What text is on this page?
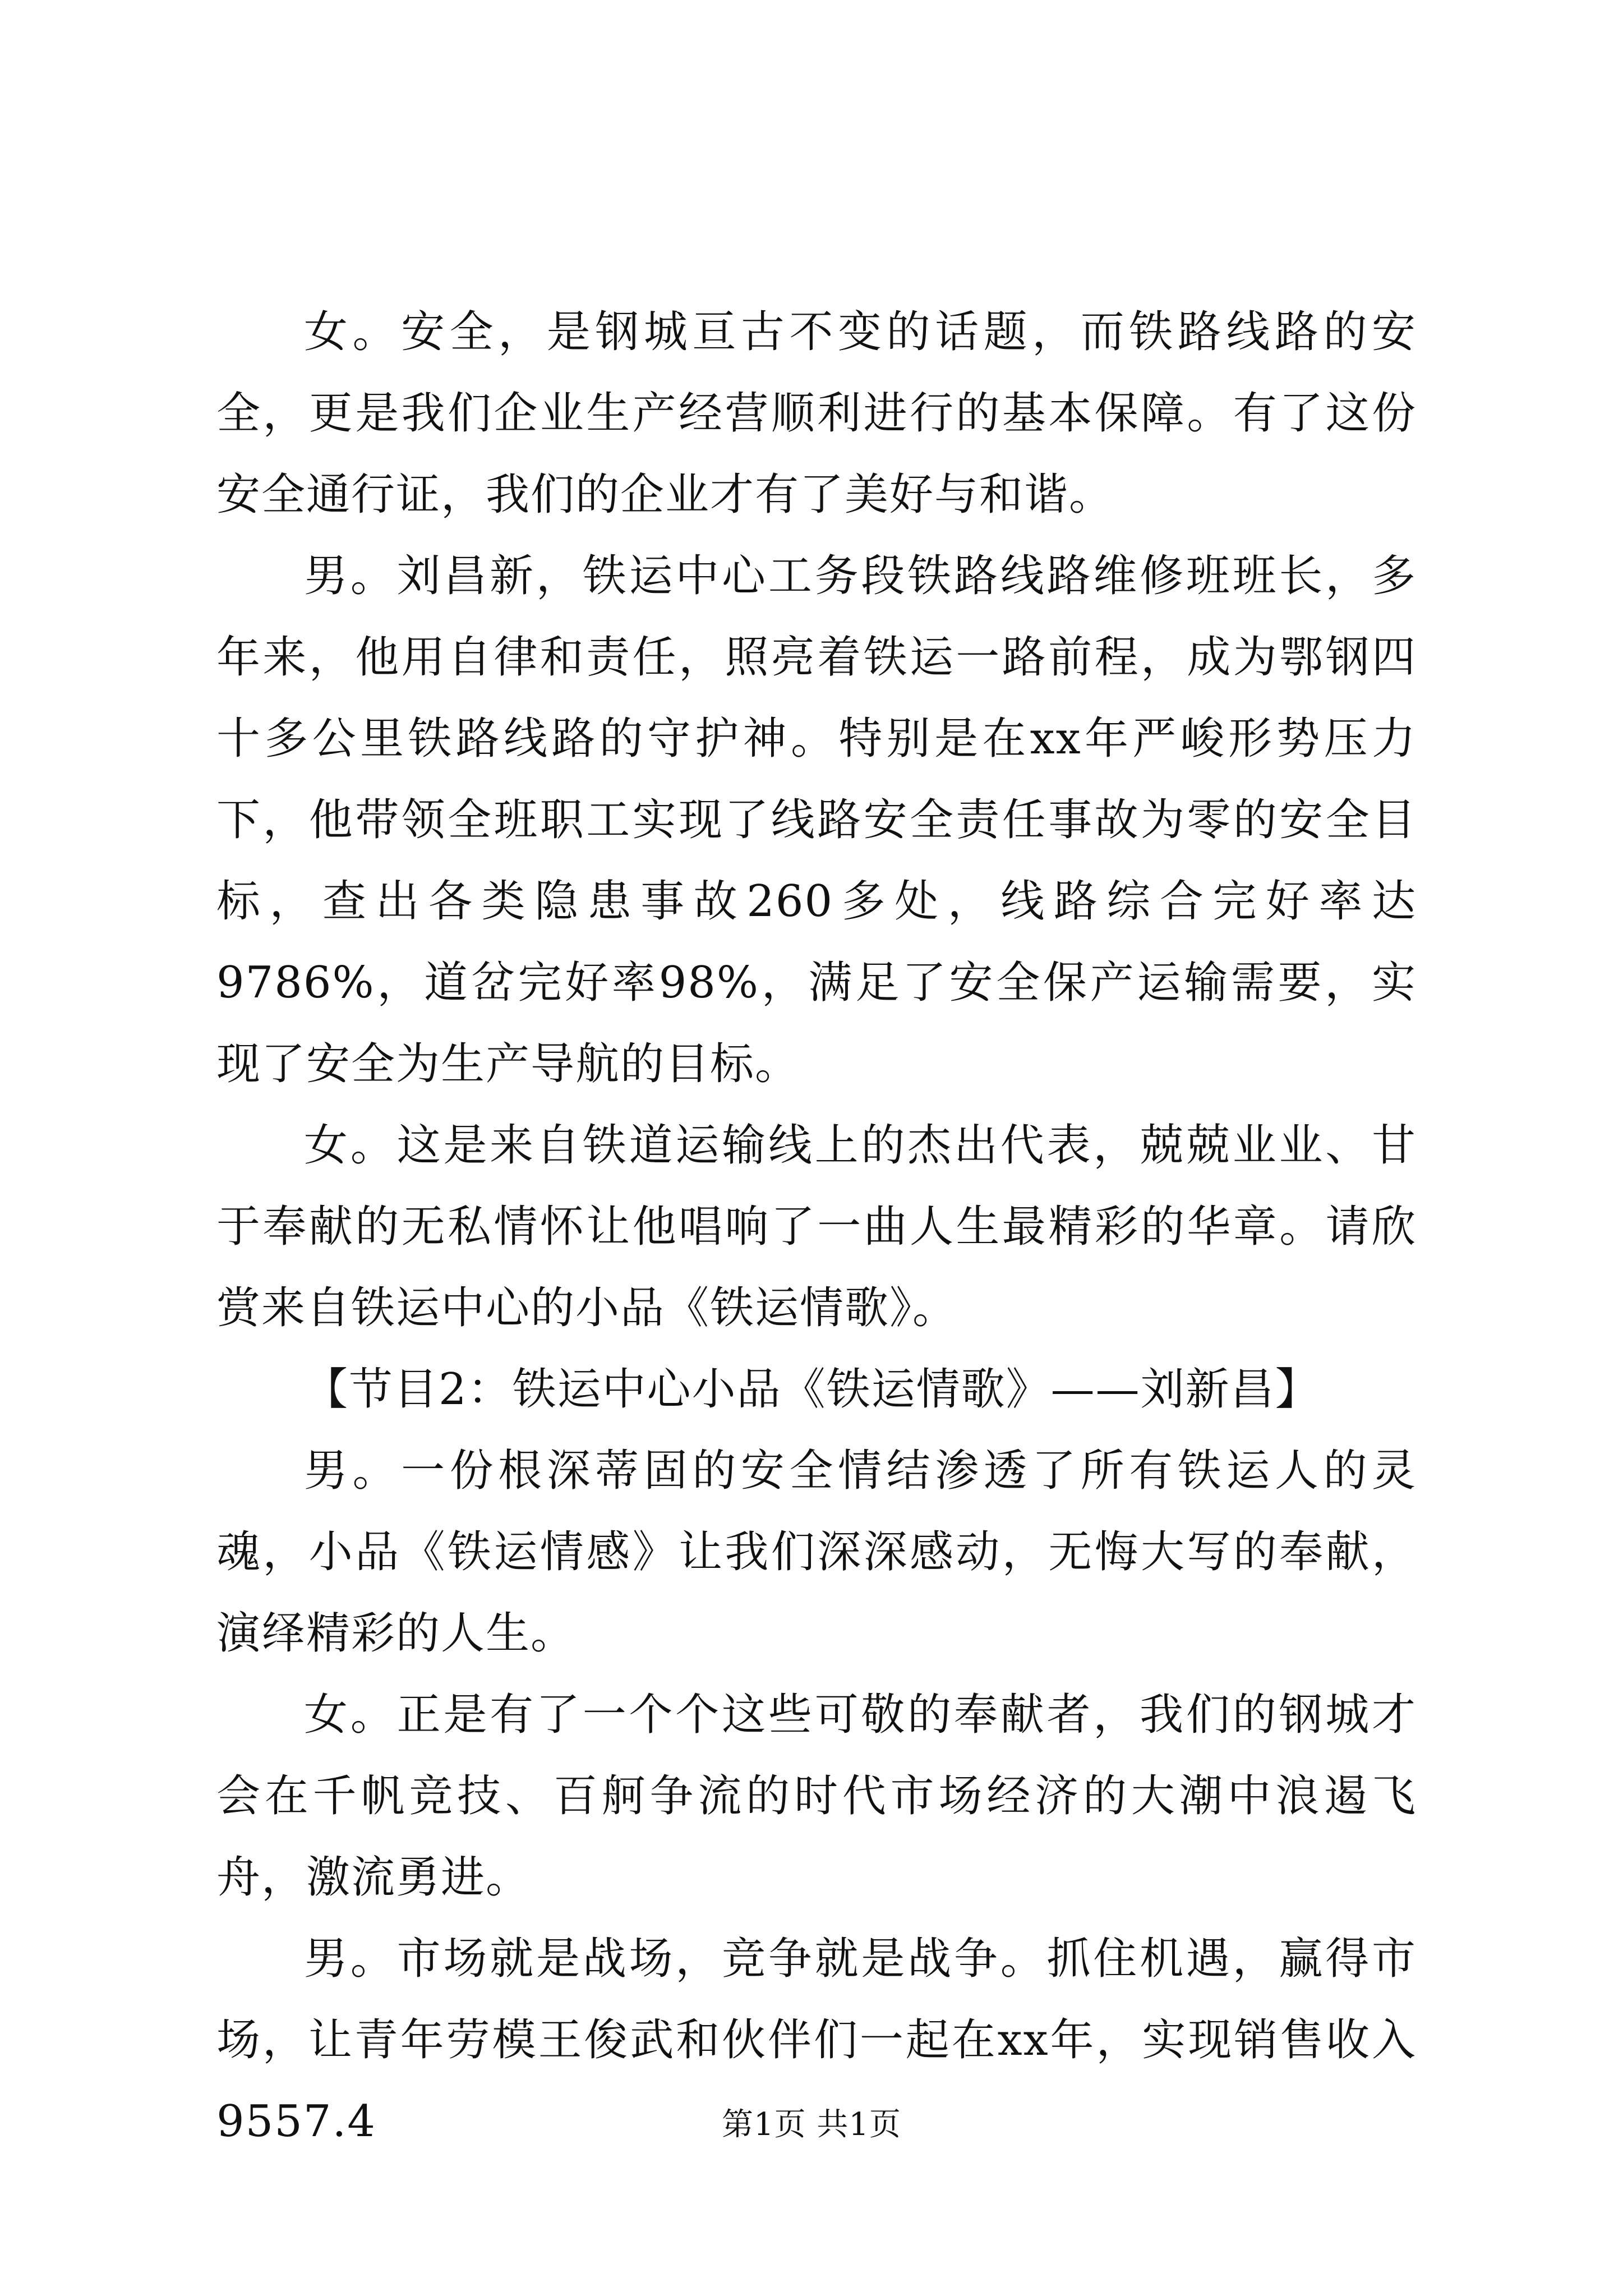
女。安全，是钢城亘古不变的话题，而铁路线路的安全，更是我们企业生产经营顺利进行的基本保障。有了这份安全通行证，我们的企业才有了美好与和谐。

男。刘昌新，铁运中心工务段铁路线路维修班班长，多年来，他用自律和责任，照亮着铁运一路前程，成为鄂钢四十多公里铁路线路的守护神。特别是在xx年严峻形势压力下，他带领全班职工实现了线路安全责任事故为零的安全目标，查出各类隐患事故260多处，线路综合完好率达9786%，道岔完好率98%，满足了安全保产运输需要，实现了安全为生产导航的目标。

女。这是来自铁道运输线上的杰出代表，兢兢业业、甘于奉献的无私情怀让他唱响了一曲人生最精彩的华章。请欣赏来自铁运中心的小品《铁运情歌》。

【节目2：铁运中心小品《铁运情歌》——刘新昌】

男。一份根深蒂固的安全情结渗透了所有铁运人的灵魂，小品《铁运情感》让我们深深感动，无悔大写的奉献，演绎精彩的人生。

女。正是有了一个个这些可敬的奉献者，我们的钢城才会在千帆竞技、百舸争流的时代市场经济的大潮中浪遏飞舟，激流勇进。

男。市场就是战场，竞争就是战争。抓住机遇，赢得市场，让青年劳模王俊武和伙伴们一起在xx年，实现销售收入9557.4	第1页 共1页
